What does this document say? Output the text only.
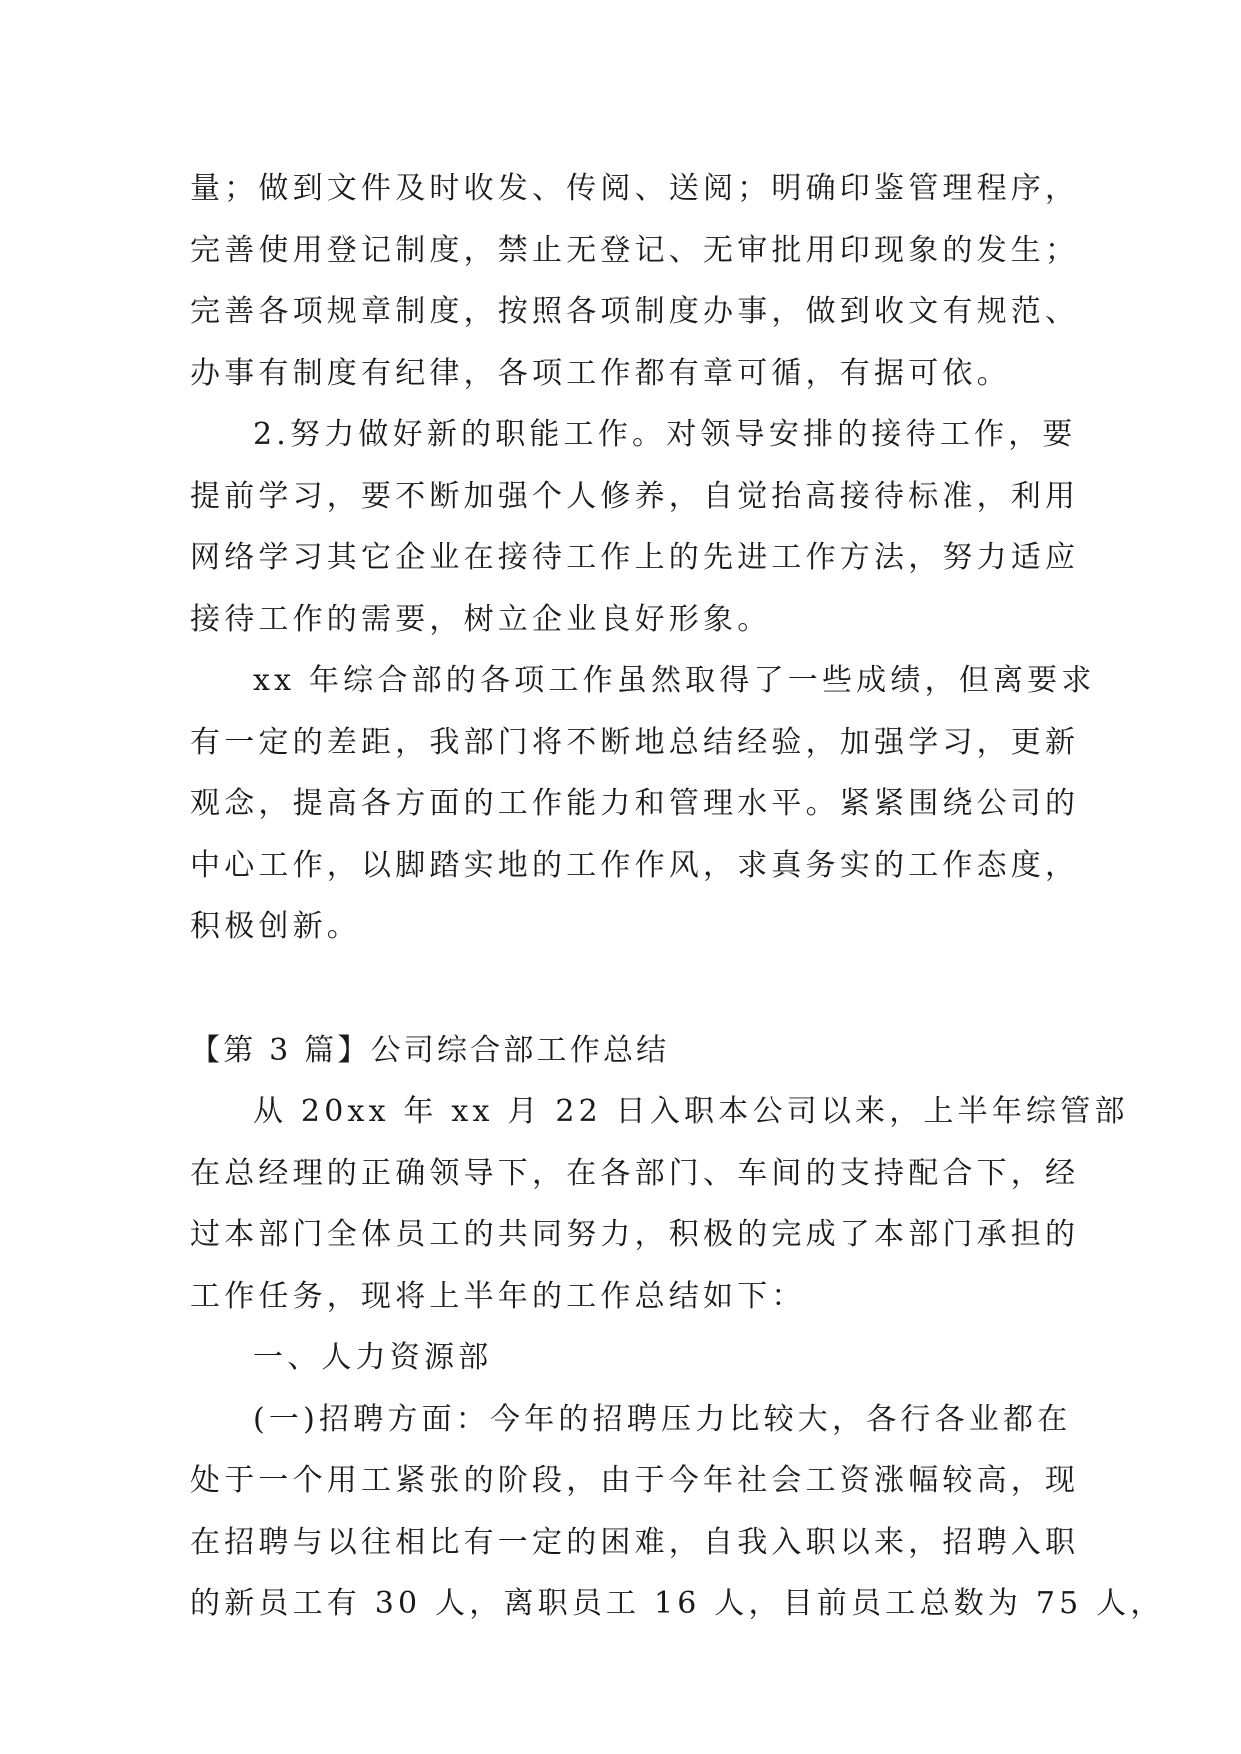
量；做到文件及时收发、传阅、送阅；明确印鉴管理程序，
完善使用登记制度，禁止无登记、无审批用印现象的发生；
完善各项规章制度，按照各项制度办事，做到收文有规范、
办事有制度有纪律，各项工作都有章可循，有据可依。
2.努力做好新的职能工作。对领导安排的接待工作，要
提前学习，要不断加强个人修养，自觉抬高接待标准，利用
网络学习其它企业在接待工作上的先进工作方法，努力适应
接待工作的需要，树立企业良好形象。
xx 年综合部的各项工作虽然取得了一些成绩，但离要求
有一定的差距，我部门将不断地总结经验，加强学习，更新
观念，提高各方面的工作能力和管理水平。紧紧围绕公司的
中心工作，以脚踏实地的工作作风，求真务实的工作态度，
积极创新。
【第 3 篇】公司综合部工作总结
从 20xx 年 xx 月 22 日入职本公司以来，上半年综管部
在总经理的正确领导下，在各部门、车间的支持配合下，经
过本部门全体员工的共同努力，积极的完成了本部门承担的
工作任务，现将上半年的工作总结如下：
一、人力资源部
(一)招聘方面：今年的招聘压力比较大，各行各业都在
处于一个用工紧张的阶段，由于今年社会工资涨幅较高，现
在招聘与以往相比有一定的困难，自我入职以来，招聘入职
的新员工有 30 人，离职员工 16 人，目前员工总数为 75 人，
